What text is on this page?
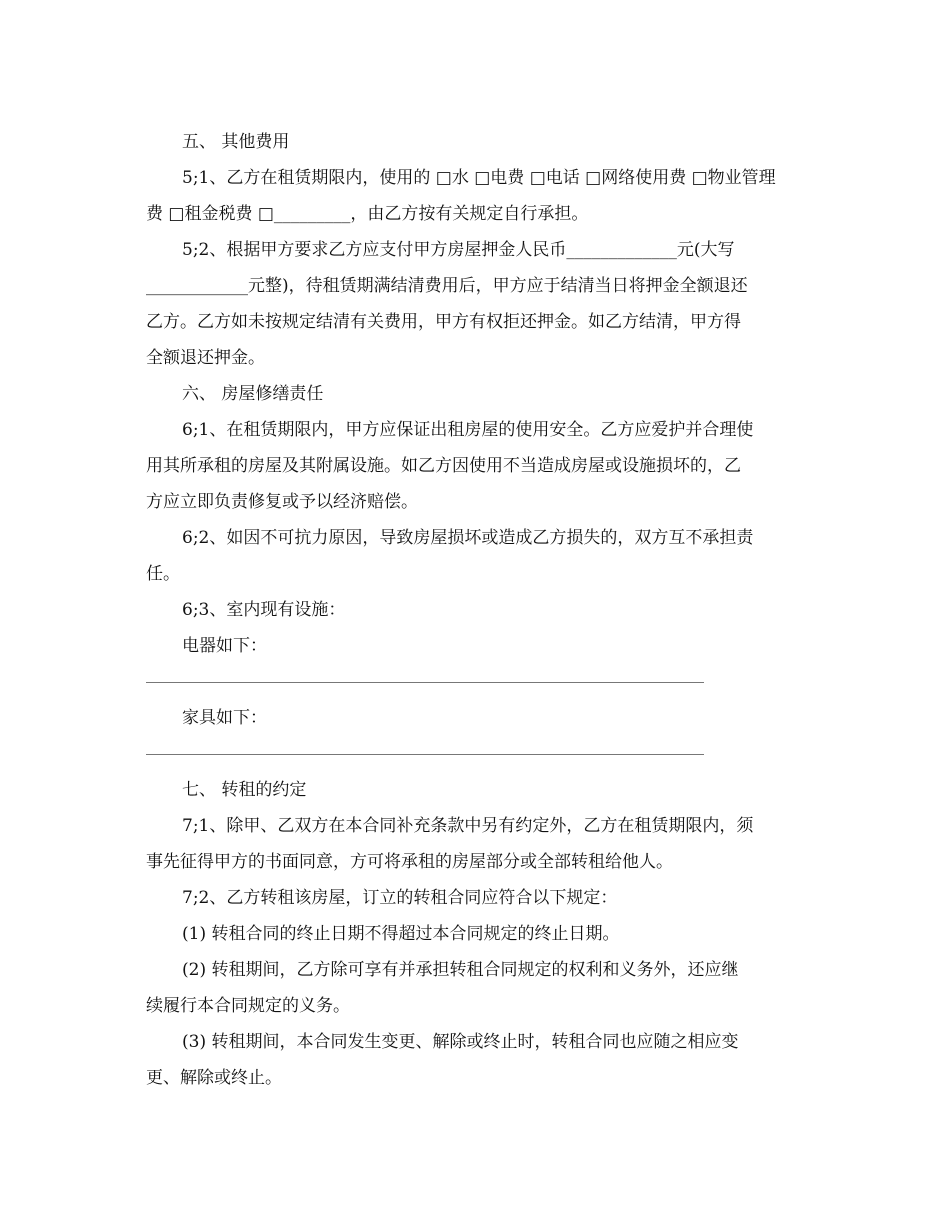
五、 其他费用
5;1、乙方在租赁期限内，使用的 □水 □电费 □电话 □网络使用费 □物业管理
费 □租金税费 □_________，由乙方按有关规定自行承担。
5;2、根据甲方要求乙方应支付甲方房屋押金人民币_____________元(大写
____________元整)，待租赁期满结清费用后，甲方应于结清当日将押金全额退还
乙方。乙方如未按规定结清有关费用，甲方有权拒还押金。如乙方结清，甲方得
全额退还押金。
六、 房屋修缮责任
6;1、在租赁期限内，甲方应保证出租房屋的使用安全。乙方应爱护并合理使
用其所承租的房屋及其附属设施。如乙方因使用不当造成房屋或设施损坏的，乙
方应立即负责修复或予以经济赔偿。
6;2、如因不可抗力原因，导致房屋损坏或造成乙方损失的，双方互不承担责
任。
6;3、室内现有设施：
电器如下：
家具如下：
七、 转租的约定
7;1、除甲、乙双方在本合同补充条款中另有约定外，乙方在租赁期限内，须
事先征得甲方的书面同意，方可将承租的房屋部分或全部转租给他人。
7;2、乙方转租该房屋，订立的转租合同应符合以下规定：
(1) 转租合同的终止日期不得超过本合同规定的终止日期。
(2) 转租期间，乙方除可享有并承担转租合同规定的权利和义务外，还应继
续履行本合同规定的义务。
(3) 转租期间，本合同发生变更、解除或终止时，转租合同也应随之相应变
更、解除或终止。
